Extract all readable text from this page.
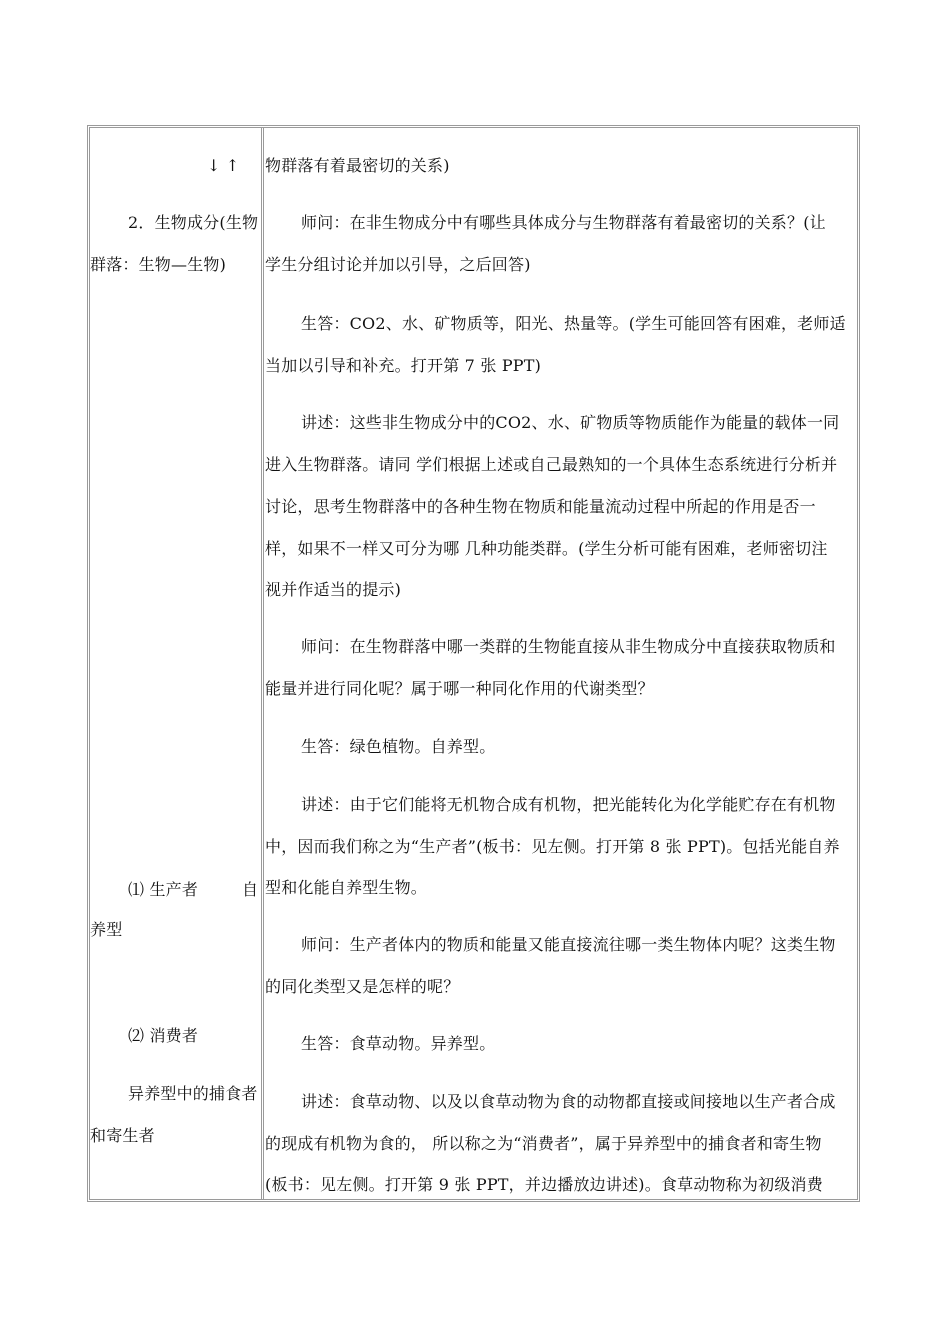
↓ ↑
2．生物成分(生物
群落：生物—生物)
⑴ 生产者	自
养型
⑵ 消费者
异养型中的捕食者
和寄生者
物群落有着最密切的关系)
师问：在非生物成分中有哪些具体成分与生物群落有着最密切的关系？(让
学生分组讨论并加以引导，之后回答)
生答：CO2、水、矿物质等，阳光、热量等。(学生可能回答有困难，老师适
当加以引导和补充。打开第 7 张 PPT)
讲述：这些非生物成分中的CO2、水、矿物质等物质能作为能量的载体一同
进入生物群落。请同 学们根据上述或自己最熟知的一个具体生态系统进行分析并
讨论，思考生物群落中的各种生物在物质和能量流动过程中所起的作用是否一
样，如果不一样又可分为哪 几种功能类群。(学生分析可能有困难，老师密切注
视并作适当的提示)
师问：在生物群落中哪一类群的生物能直接从非生物成分中直接获取物质和
能量并进行同化呢？属于哪一种同化作用的代谢类型？
生答：绿色植物。自养型。
讲述：由于它们能将无机物合成有机物，把光能转化为化学能贮存在有机物
中，因而我们称之为“生产者”(板书：见左侧。打开第 8 张 PPT)。包括光能自养
型和化能自养型生物。
师问：生产者体内的物质和能量又能直接流往哪一类生物体内呢？这类生物
的同化类型又是怎样的呢？
生答：食草动物。异养型。
讲述：食草动物、以及以食草动物为食的动物都直接或间接地以生产者合成
的现成有机物为食的， 所以称之为“消费者”，属于异养型中的捕食者和寄生物
(板书：见左侧。打开第 9 张 PPT，并边播放边讲述)。食草动物称为初级消费
